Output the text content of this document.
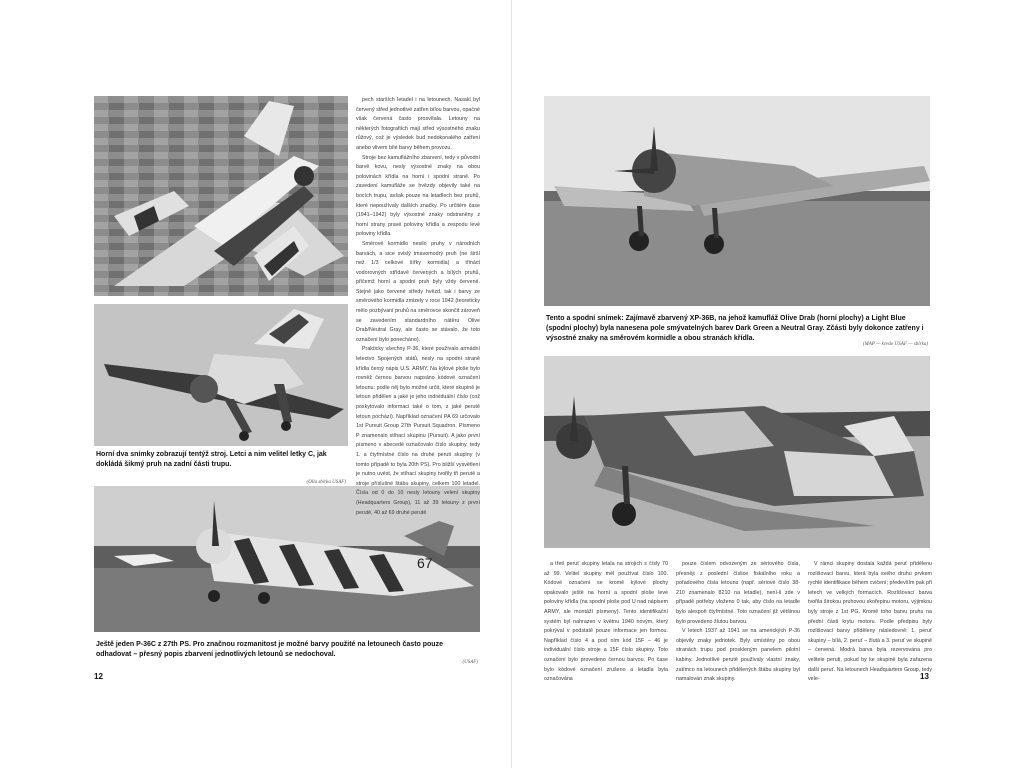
Horní dva snímky zobrazují tentýž stroj. Letci a nim velitel letky C, jak dokládá šikmý pruh na zadní části trupu.
(Olla sbírka USAF)
67
Ještě jeden P-36C z 27th PS. Pro značnou rozmanitost je možné barvy použité na letounech často pouze odhadovat – přesný popis zbarvení jednotlivých letounů se nedochoval.
(USAF)

pech starších letadel i na letounech. Nasakl byl červený střed jednotlivé zatřen bílou barvou, opačné však červená často prosvítala. Letouny na některých fotografiích mají střed výsostného znaku růžový, což je výsledek bud nedokonalého zatření anebo vlivem bílé barvy během provozu.

Stroje bez kamuflážního zbarvení, tedy v původní barvě kovu, nesly výsostné znaky na obou polovinách křídla na horní i spodní straně. Po zavedení kamufláže se hvězdy objevily také na bocích trupu, avšak pouze na letadlech bez pruhů, které nepoužívaly dalších značky. Po určitém čase (1941–1942) byly výsostné znaky odstraněny z horní strany pravé poloviny křídla a zespodu levé poloviny křídla.

Směrové kormidlo nesilo pruhy v národních barvách, a sice svislý tmavomodrý pruh (ne širší než 1/3 celkové šířky kormidla) a třináct vodorovných střídavě červených a bílých pruhů, přičemž horní a spodní pruh byly vždy červené. Stejně jako červené středy hvězd, tak i barvy ze směrového kormidla zmizely v roce 1942 (teoreticky mělo pozbývaní pruhů na směrovce skončit zároveň se zavedením standardního nátěru Olive Drab/Neutral Gray, ale často se stávalo, že toto označení bylo ponecháno).

Prakticky všechny P-36, které používalo armádní letectvo Spojených států, nesly na spodní straně křídla černý nápis U.S. ARMY. Na kýlové ploše bylo rovněž černou barvou napsáno kódové označení letounu: podle něj bylo možné určit, které skupině je letoun přidělen a jaké je jeho individuální číslo (což poskytovalo informaci také o tom, z jaké perutě letoun pochází). Například označení PA 69 určovalo 1st Pursuit Group 27th Pursuit Squadron. Písmeno P znamenalo stíhací skupinu (Pursuit). A jako první písmeno v abecedě označovalo číslo skupiny, tedy 1. a čtyřmístné číslo na druhé peruti skupiny (v tomto případě to byla 20th PS). Pro bližší vysvětlení je nutno uvést, že stíhací skupiny tvořily tři perutě a stroje příslušné štábu skupiny, celkem 100 letadel. Čísla od 0 do 10 nesly letouny velení skupiny (Headquarters Group), 11 až 39 letouny z první perutě, 40 až 69 druhé perutě

12
Tento a spodní snímek: Zajímavě zbarvený XP-36B, na jehož kamufláž Olive Drab (horní plochy) a Light Blue (spodní plochy) byla nanesena pole smývatelných barev Dark Green a Neutral Gray. Zčásti byly dokonce zatřeny i výsostné znaky na směrovém kormidle a obou stranách křídla.
(MAP — kresle USAF — sbírka)

a třetí peruť skupiny letala na strojích s čísly 70 až 99. Velitel skupiny měl používat číslo 100. Kódové označení se kromě kýlové plochy opakovalo ještě na horní a spodní ploše levé poloviny křídla (na spodní ploše pod U nad nápisem ARMY, ale montáží písmeny). Tento identifikační systém byl nahrazen v květnu 1940 novým, který pokrýval v podstatě pouze informace jen formou. Například číslo 4 a pod ním kód 15F – 46 je individuální číslo stroje a 15F číslo skupiny. Toto označení bylo provedeno černou barvou. Po čase bylo kódové označení zrušeno a letadla byla označována

pouze číslem odvozeným ze sériového čísla, přesněji z poslední číslice fiskálního roku a pořadového čísla letounu (např. sériové číslo 38-210 znamenalo 8210 na letadle), není-li zde v případě potřeby vloženo 0 tak, aby číslo na letadle bylo alespoň čtyřmístné. Toto označení již většinou bylo provedeno žlutou barvou.

V letech 1937 až 1941 se na amerických P-36 objevily znaky jednotek. Byly umístěny po obou stranách trupu pod proskleným panelem pilotní kabiny. Jednotlivé perutě používaly vlastní znaky, zatímco na letounech přidělených štábu skupiny byl namalován znak skupiny.

V rámci skupiny dostala každá peruť přidělenu rozlišovací barvu, která byla svého druhu prvkem rychlé identifikace během cvičení; především pak při letech ve velkých formacích. Rozlišovací barva tvořila širokou pruhovou skořepinu motoru, výjimkou byly stroje z 1st PG. Kromě toho barvu pruhu na přední části krytu motoru. Podle předpisu byly rozlišovací barvy přiděleny následovně: 1. peruť skupiny – bílá, 2. peruť – žlutá a 3. peruť ve skupině – červená. Modrá barva byla rezervována pro velitele peruti, pokud by ke skupině byla zařazena další peruť. Na letounech Headquarters Group, tedy vele-	13
